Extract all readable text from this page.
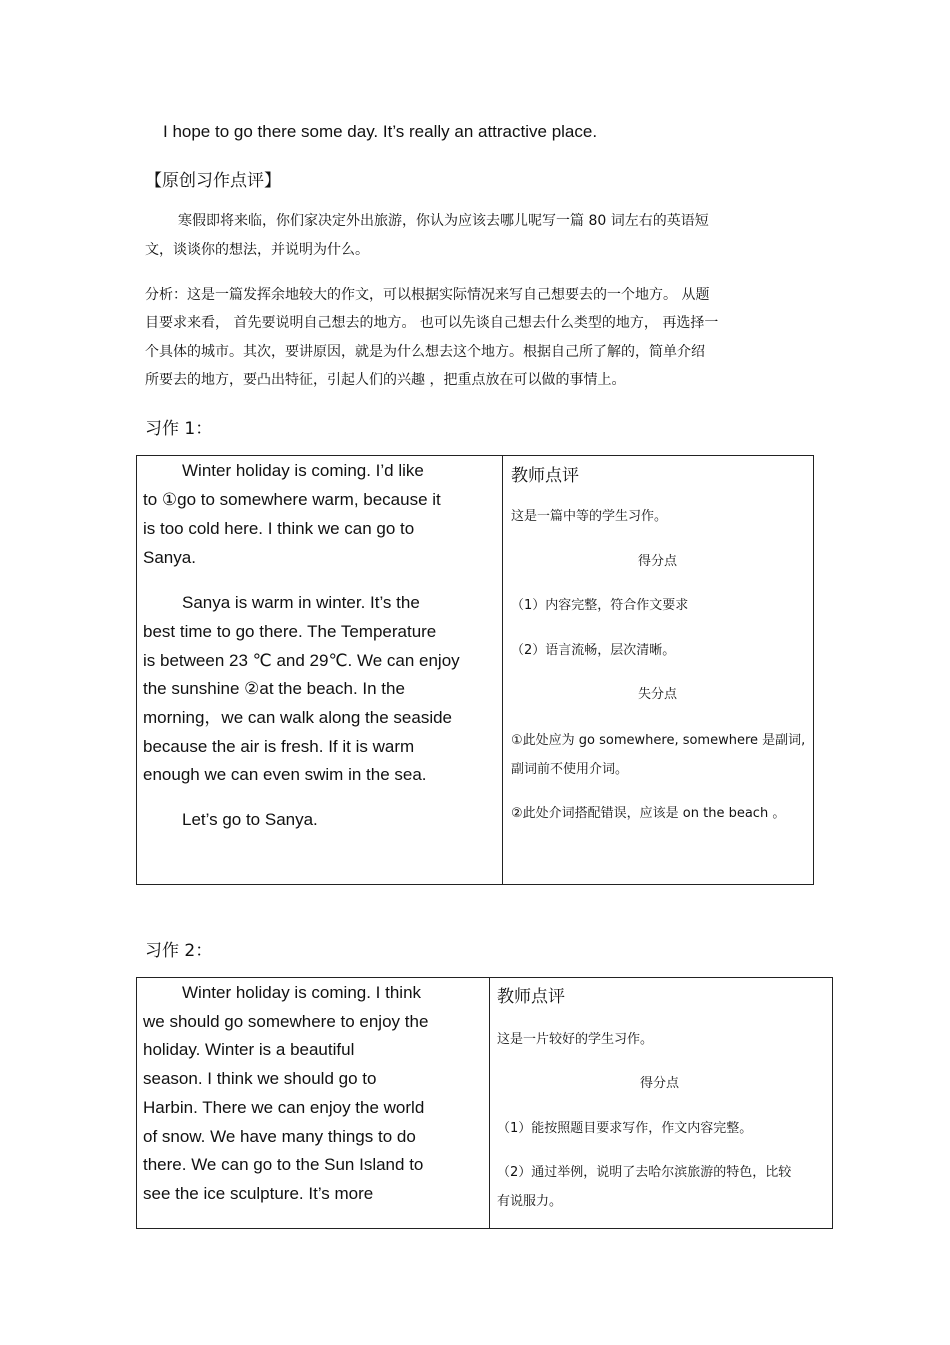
I hope to go there some day. It’s really an attractive place.
【原创习作点评】
寒假即将来临，你们家决定外出旅游，你认为应该去哪儿呢写一篇 80 词左右的英语短
文，谈谈你的想法，并说明为什么。
分析：这是一篇发挥余地较大的作文，可以根据实际情况来写自己想要去的一个地方。 从题
目要求来看， 首先要说明自己想去的地方。 也可以先谈自己想去什么类型的地方， 再选择一
个具体的城市。其次，要讲原因，就是为什么想去这个地方。根据自己所了解的，简单介绍
所要去的地方，要凸出特征，引起人们的兴趣 ，把重点放在可以做的事情上。
习作 1：
Winter holiday is coming. I’d like
to ①go to somewhere warm, because it
is too cold here. I think we can go to
Sanya.
Sanya is warm in winter. It’s the
best time to go there. The Temperature
is between 23 ℃ and 29℃. We can enjoy
the sunshine ②at the beach. In the
morning，we can walk along the seaside
because the air is fresh. If it is warm
enough we can even swim in the sea.
Let’s go to Sanya.
教师点评
这是一篇中等的学生习作。
得分点
（1）内容完整，符合作文要求
（2）语言流畅，层次清晰。
失分点
①此处应为 go somewhere, somewhere 是副词,
副词前不使用介词。
②此处介词搭配错误，应该是 on the beach 。
习作 2：
Winter holiday is coming. I think
we should go somewhere to enjoy the
holiday. Winter is a beautiful
season. I think we should go to
Harbin. There we can enjoy the world
of snow. We have many things to do
there. We can go to the Sun Island to
see the ice sculpture. It’s more
教师点评
这是一片较好的学生习作。
得分点
（1）能按照题目要求写作，作文内容完整。
（2）通过举例，说明了去哈尔滨旅游的特色，比较
有说服力。
